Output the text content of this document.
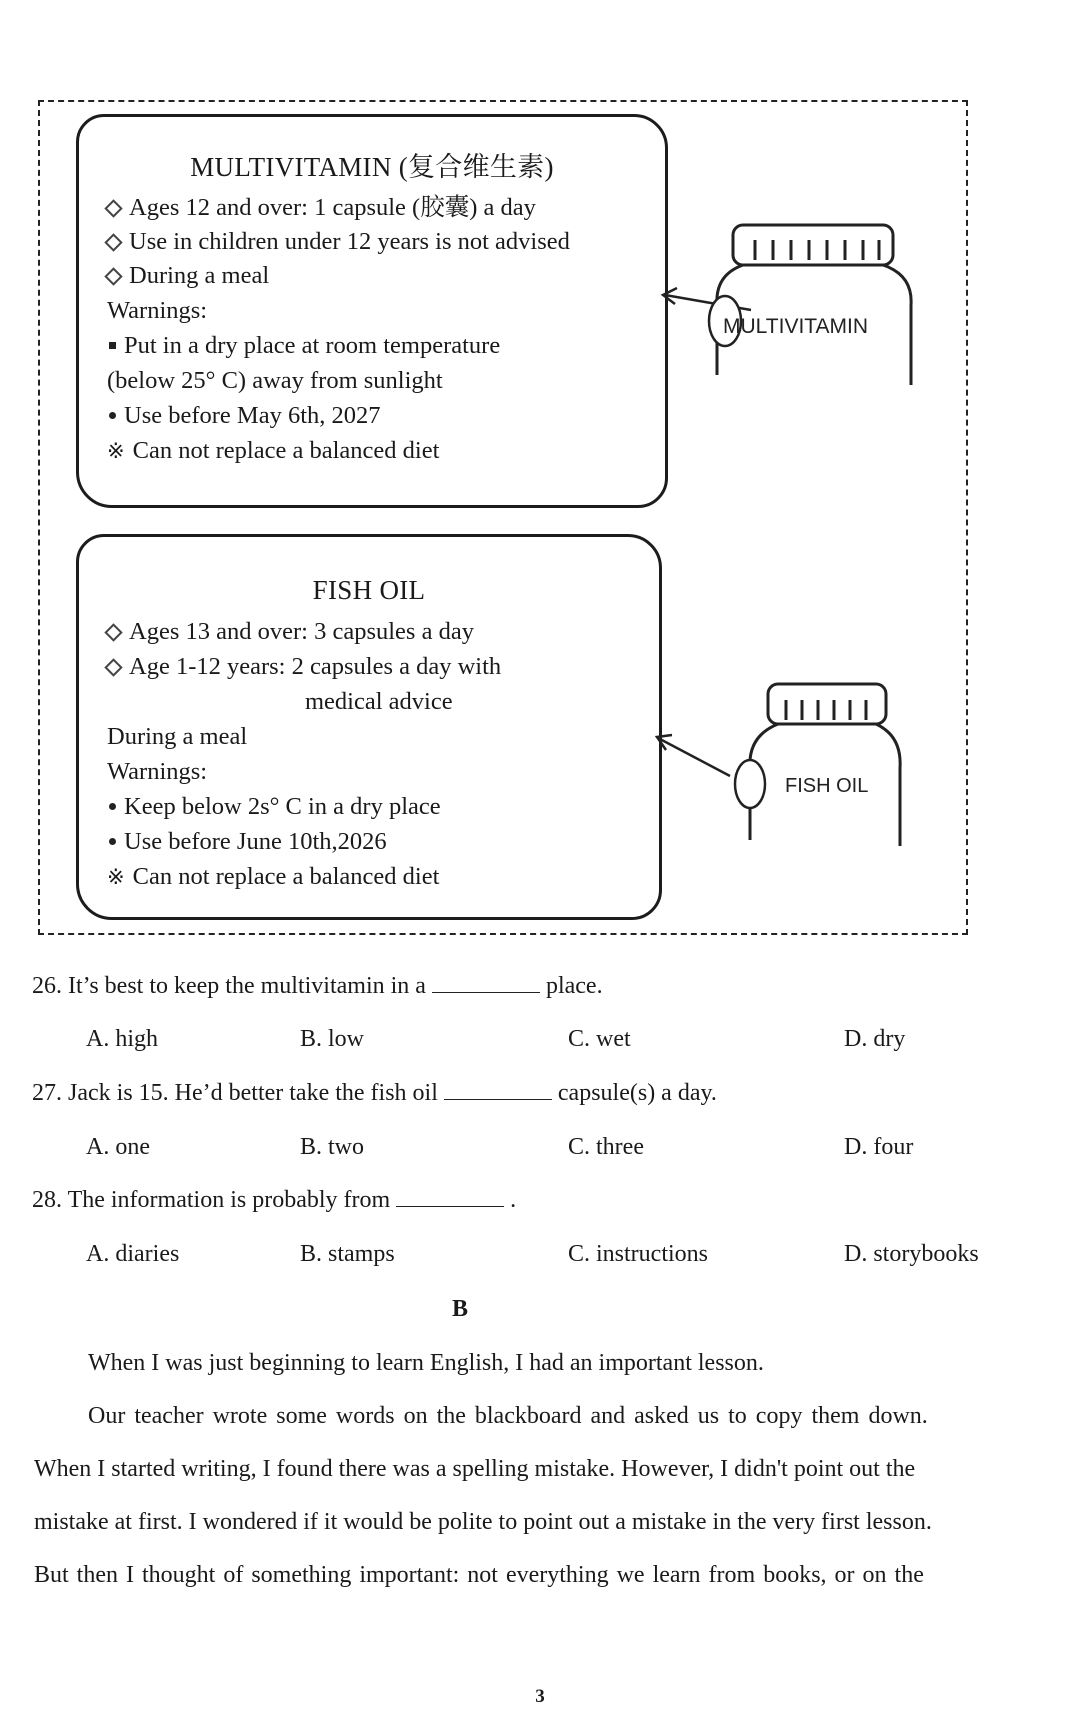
MULTIVITAMIN (复合维生素)
Ages 12 and over: 1 capsule (胶囊) a day
Use in children under 12 years is not advised
During a meal
Warnings:
Put in a dry place at room temperature
(below 25° C) away from sunlight
Use before May 6th, 2027
※ Can not replace a balanced diet
FISH OIL
Ages 13 and over: 3 capsules a day
Age 1-12 years: 2 capsules a day with
medical advice
During a meal
Warnings:
Keep below 2s° C in a dry place
Use before June 10th,2026
※ Can not replace a balanced diet
MULTIVITAMIN
FISH OIL
26. It’s best to keep the multivitamin in a	place.
A. high	B. low	C. wet	D. dry
27. Jack is 15. He’d better take the fish oil	capsule(s) a day.
A. one	B. two	C. three	D. four
28. The information is probably from	.
A. diaries	B. stamps	C. instructions	D. storybooks
B
When I was just beginning to learn English, I had an important lesson.
Our teacher wrote some words on the blackboard and asked us to copy them down.
When I started writing, I found there was a spelling mistake. However, I didn't point out the
mistake at first. I wondered if it would be polite to point out a mistake in the very first lesson.
But then I thought of something important: not everything we learn from books, or on the
3
